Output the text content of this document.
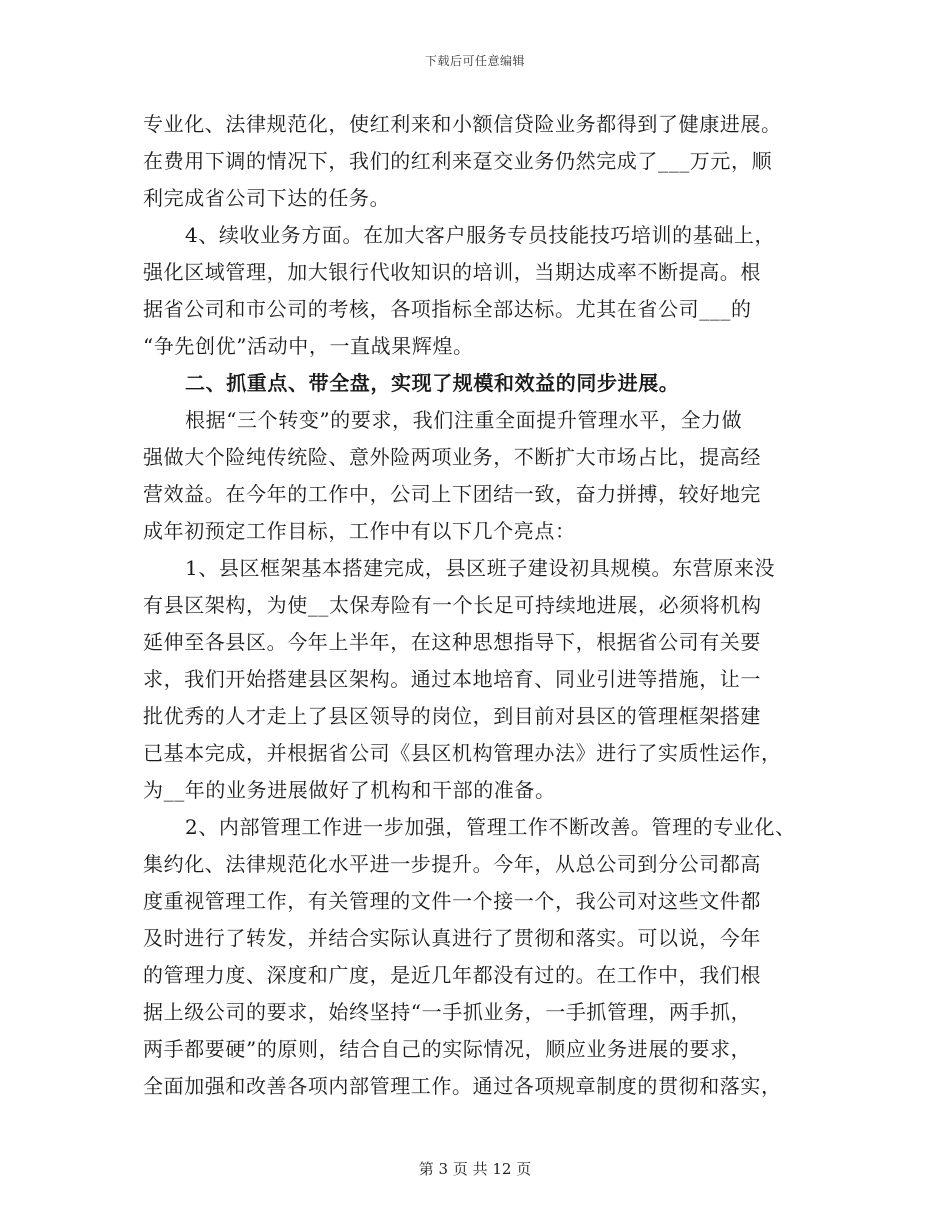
下载后可任意编辑
专业化、法律规范化，使红利来和小额信贷险业务都得到了健康进展。
在费用下调的情况下，我们的红利来趸交业务仍然完成了___万元，顺
利完成省公司下达的任务。
4、续收业务方面。在加大客户服务专员技能技巧培训的基础上，
强化区域管理，加大银行代收知识的培训，当期达成率不断提高。根
据省公司和市公司的考核，各项指标全部达标。尤其在省公司___的
“争先创优”活动中，一直战果辉煌。
二、抓重点、带全盘，实现了规模和效益的同步进展。
根据“三个转变”的要求，我们注重全面提升管理水平，全力做
强做大个险纯传统险、意外险两项业务，不断扩大市场占比，提高经
营效益。在今年的工作中，公司上下团结一致，奋力拼搏，较好地完
成年初预定工作目标，工作中有以下几个亮点：
1、县区框架基本搭建完成，县区班子建设初具规模。东营原来没
有县区架构，为使__太保寿险有一个长足可持续地进展，必须将机构
延伸至各县区。今年上半年，在这种思想指导下，根据省公司有关要
求，我们开始搭建县区架构。通过本地培育、同业引进等措施，让一
批优秀的人才走上了县区领导的岗位，到目前对县区的管理框架搭建
已基本完成，并根据省公司《县区机构管理办法》进行了实质性运作，
为__年的业务进展做好了机构和干部的准备。
2、内部管理工作进一步加强，管理工作不断改善。管理的专业化、
集约化、法律规范化水平进一步提升。今年，从总公司到分公司都高
度重视管理工作，有关管理的文件一个接一个，我公司对这些文件都
及时进行了转发，并结合实际认真进行了贯彻和落实。可以说，今年
的管理力度、深度和广度，是近几年都没有过的。在工作中，我们根
据上级公司的要求，始终坚持“一手抓业务，一手抓管理，两手抓，
两手都要硬”的原则，结合自己的实际情况，顺应业务进展的要求，
全面加强和改善各项内部管理工作。通过各项规章制度的贯彻和落实，
第 3 页 共 12 页
